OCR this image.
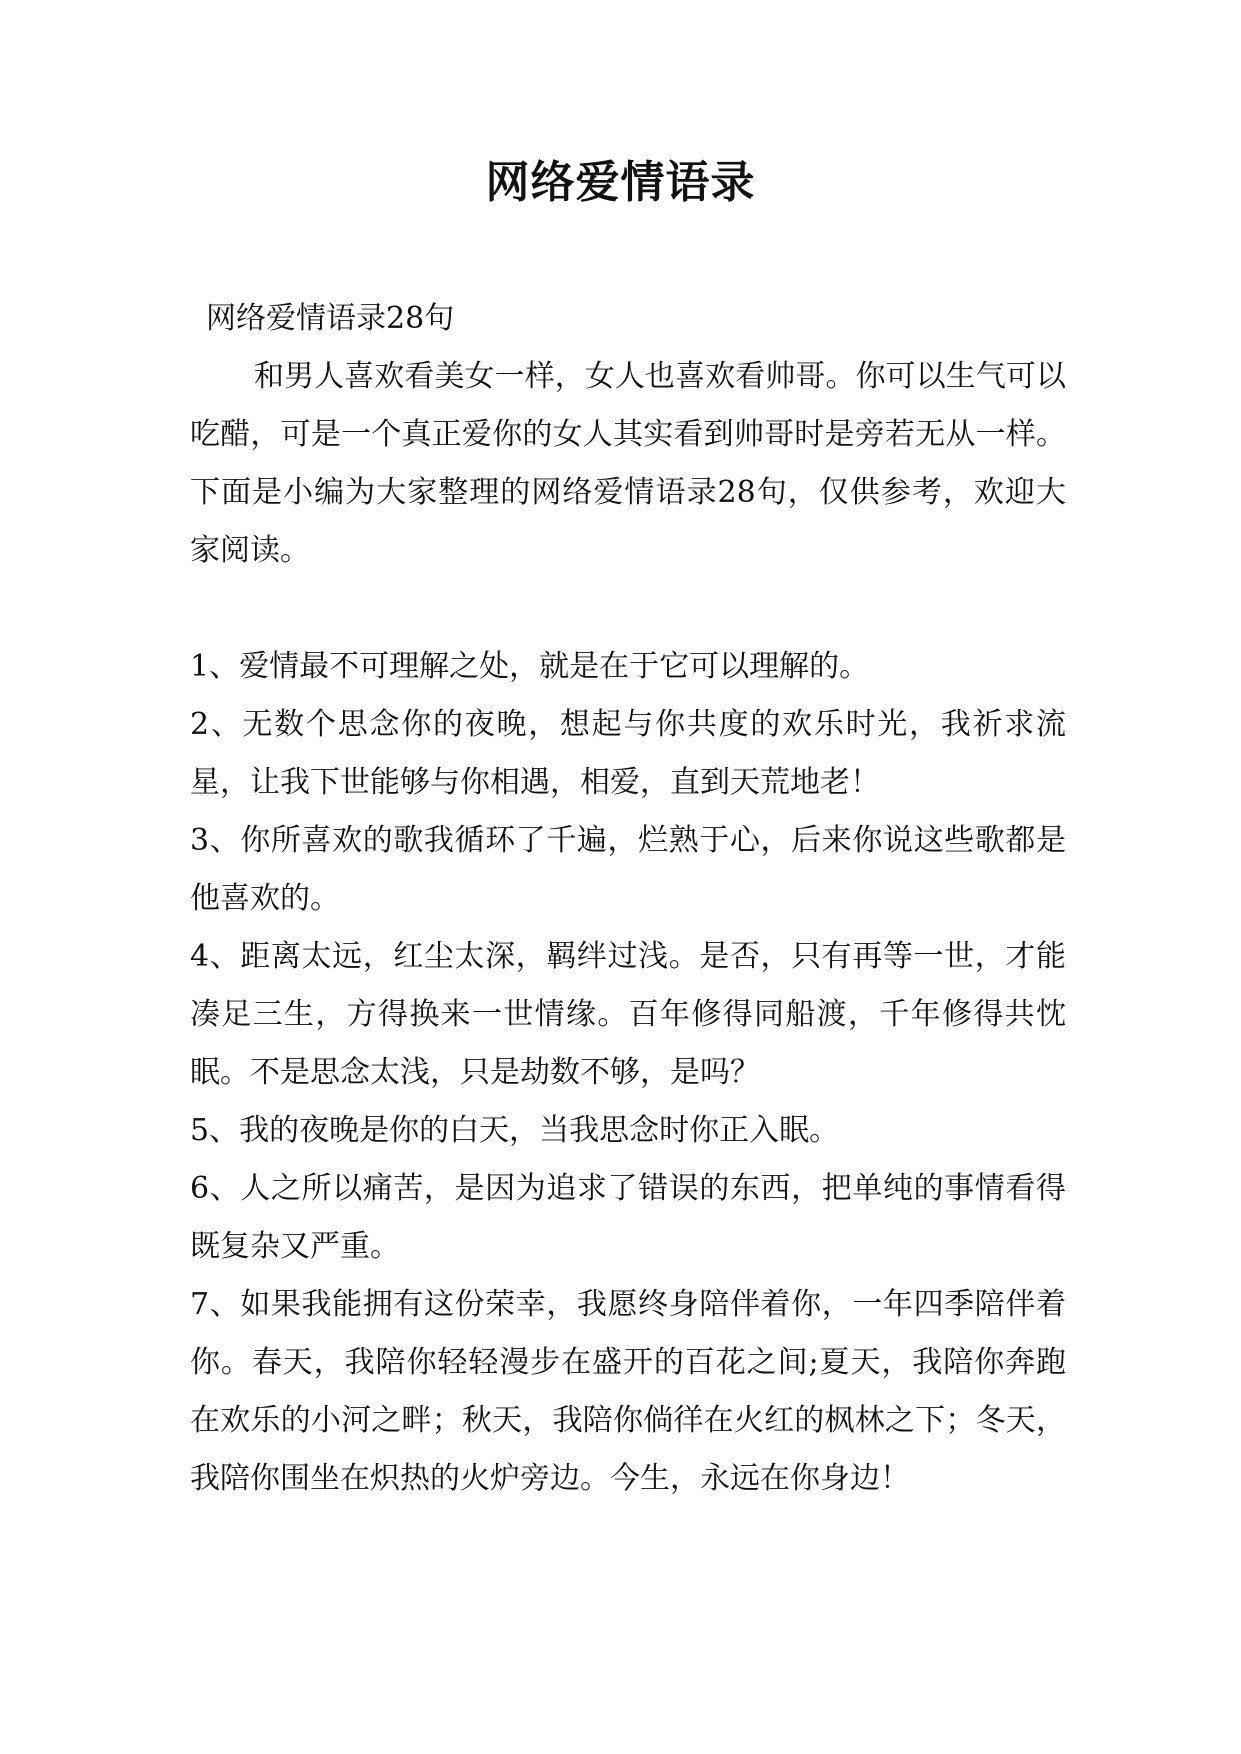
网络爱情语录

网络爱情语录28句

和男人喜欢看美女一样，女人也喜欢看帅哥。你可以生气可以吃醋，可是一个真正爱你的女人其实看到帅哥时是旁若无从一样。下面是小编为大家整理的网络爱情语录28句，仅供参考，欢迎大家阅读。

1、爱情最不可理解之处，就是在于它可以理解的。
2、无数个思念你的夜晚，想起与你共度的欢乐时光，我祈求流星，让我下世能够与你相遇，相爱，直到天荒地老！
3、你所喜欢的歌我循环了千遍，烂熟于心，后来你说这些歌都是他喜欢的。
4、距离太远，红尘太深，羁绊过浅。是否，只有再等一世，才能凑足三生，方得换来一世情缘。百年修得同船渡，千年修得共忱眠。不是思念太浅，只是劫数不够，是吗？
5、我的夜晚是你的白天，当我思念时你正入眠。
6、人之所以痛苦，是因为追求了错误的东西，把单纯的事情看得既复杂又严重。
7、如果我能拥有这份荣幸，我愿终身陪伴着你，一年四季陪伴着你。春天，我陪你轻轻漫步在盛开的百花之间;夏天，我陪你奔跑在欢乐的小河之畔；秋天，我陪你倘徉在火红的枫林之下；冬天，我陪你围坐在炽热的火炉旁边。今生，永远在你身边！
